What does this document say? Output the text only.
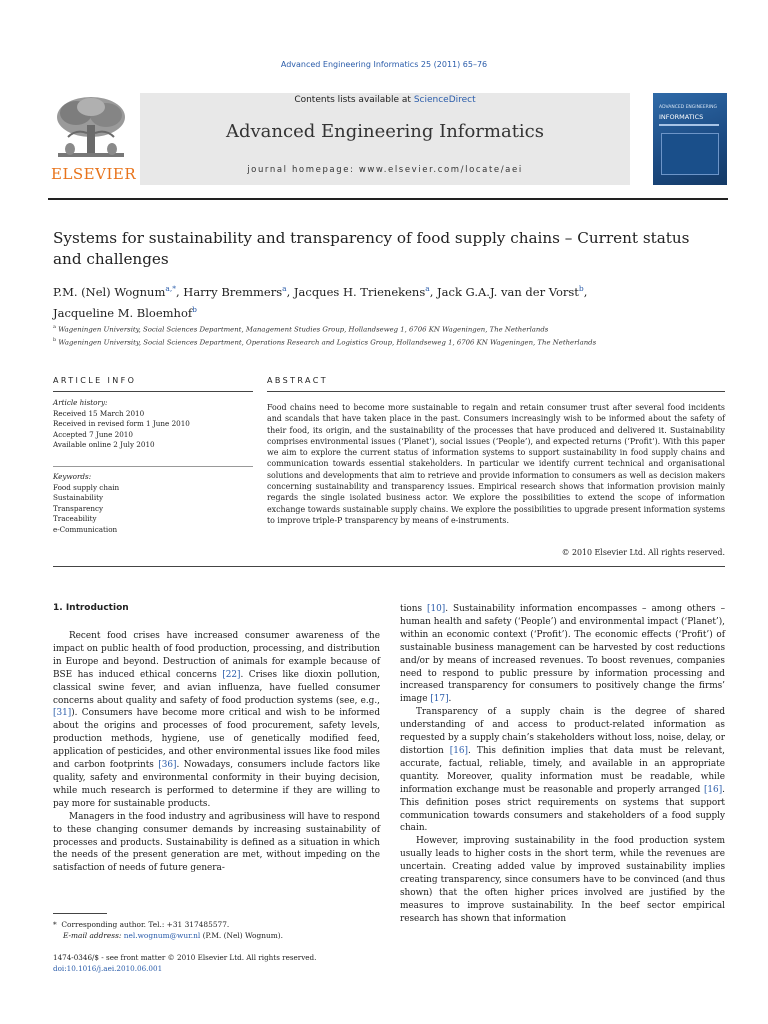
Advanced Engineering Informatics 25 (2011) 65–76
ELSEVIER
Contents lists available at ScienceDirect
Advanced Engineering Informatics
journal homepage: www.elsevier.com/locate/aei
ADVANCED ENGINEERING
INFORMATICS
Systems for sustainability and transparency of food supply chains – Current status
and challenges
P.M. (Nel) Wognum$^{a,*}$, Harry Bremmers$^a$, Jacques H. Trienekens$^a$, Jack G.A.J. van der Vorst$^b$,
Jacqueline M. Bloemhof$^b$
$^a$ Wageningen University, Social Sciences Department, Management Studies Group, Hollandseweg 1, 6706 KN Wageningen, The Netherlands
$^b$ Wageningen University, Social Sciences Department, Operations Research and Logistics Group, Hollandseweg 1, 6706 KN Wageningen, The Netherlands
ARTICLE INFO
Article history:
Received 15 March 2010
Received in revised form 1 June 2010
Accepted 7 June 2010
Available online 2 July 2010
Keywords:
Food supply chain
Sustainability
Transparency
Traceability
e-Communication
ABSTRACT
Food chains need to become more sustainable to regain and retain consumer trust after several food incidents and scandals that have taken place in the past. Consumers increasingly wish to be informed about the safety of their food, its origin, and the sustainability of the processes that have produced and delivered it. Sustainability comprises environmental issues (‘Planet’), social issues (‘People’), and expected returns (‘Profit’). With this paper we aim to explore the current status of information systems to support sustainability in food supply chains and communication towards essential stakeholders. In particular we identify current technical and organisational solutions and developments that aim to retrieve and provide information to consumers as well as decision makers concerning sustainability and transparency issues. Empirical research shows that information provision mainly regards the single isolated business actor. We explore the possibilities to extend the scope of information exchange towards sustainable supply chains. We explore the possibilities to upgrade present information systems to improve triple-P transparency by means of e-instruments.
© 2010 Elsevier Ltd. All rights reserved.
1. Introduction

Recent food crises have increased consumer awareness of the impact on public health of food production, processing, and distribution in Europe and beyond. Destruction of animals for example because of BSE has induced ethical concerns [22]. Crises like dioxin pollution, classical swine fever, and avian influenza, have fuelled consumer concerns about quality and safety of food production systems (see, e.g., [31]). Consumers have become more critical and wish to be informed about the origins and processes of food procurement, safety levels, production methods, hygiene, use of genetically modified feed, application of pesticides, and other environmental issues like food miles and carbon footprints [36]. Nowadays, consumers include factors like quality, safety and environmental conformity in their buying decision, while much research is performed to determine if they are willing to pay more for sustainable products.

Managers in the food industry and agribusiness will have to respond to these changing consumer demands by increasing sustainability of processes and products. Sustainability is defined as a situation in which the needs of the present generation are met, without impeding on the satisfaction of needs of future genera-

tions [10]. Sustainability information encompasses – among others – human health and safety (‘People’) and environmental impact (‘Planet’), within an economic context (‘Profit’). The economic effects (‘Profit’) of sustainable business management can be harvested by cost reductions and/or by means of increased revenues. To boost revenues, companies need to respond to public pressure by information processing and increased transparency for consumers to positively change the firms’ image [17].

Transparency of a supply chain is the degree of shared understanding of and access to product-related information as requested by a supply chain’s stakeholders without loss, noise, delay, or distortion [16]. This definition implies that data must be relevant, accurate, factual, reliable, timely, and available in an appropriate quantity. Moreover, quality information must be readable, while information exchange must be reasonable and properly arranged [16]. This definition poses strict requirements on systems that support communication towards consumers and stakeholders of a food supply chain.

However, improving sustainability in the food production system usually leads to higher costs in the short term, while the revenues are uncertain. Creating added value by improved sustainability implies creating transparency, since consumers have to be convinced (and thus shown) that the often higher prices involved are justified by the measures to improve sustainability. In the beef sector empirical research has shown that information

* Corresponding author. Tel.: +31 317485577.
E-mail address: nel.wognum@wur.nl (P.M. (Nel) Wognum).
1474-0346/$ - see front matter © 2010 Elsevier Ltd. All rights reserved.
doi:10.1016/j.aei.2010.06.001
